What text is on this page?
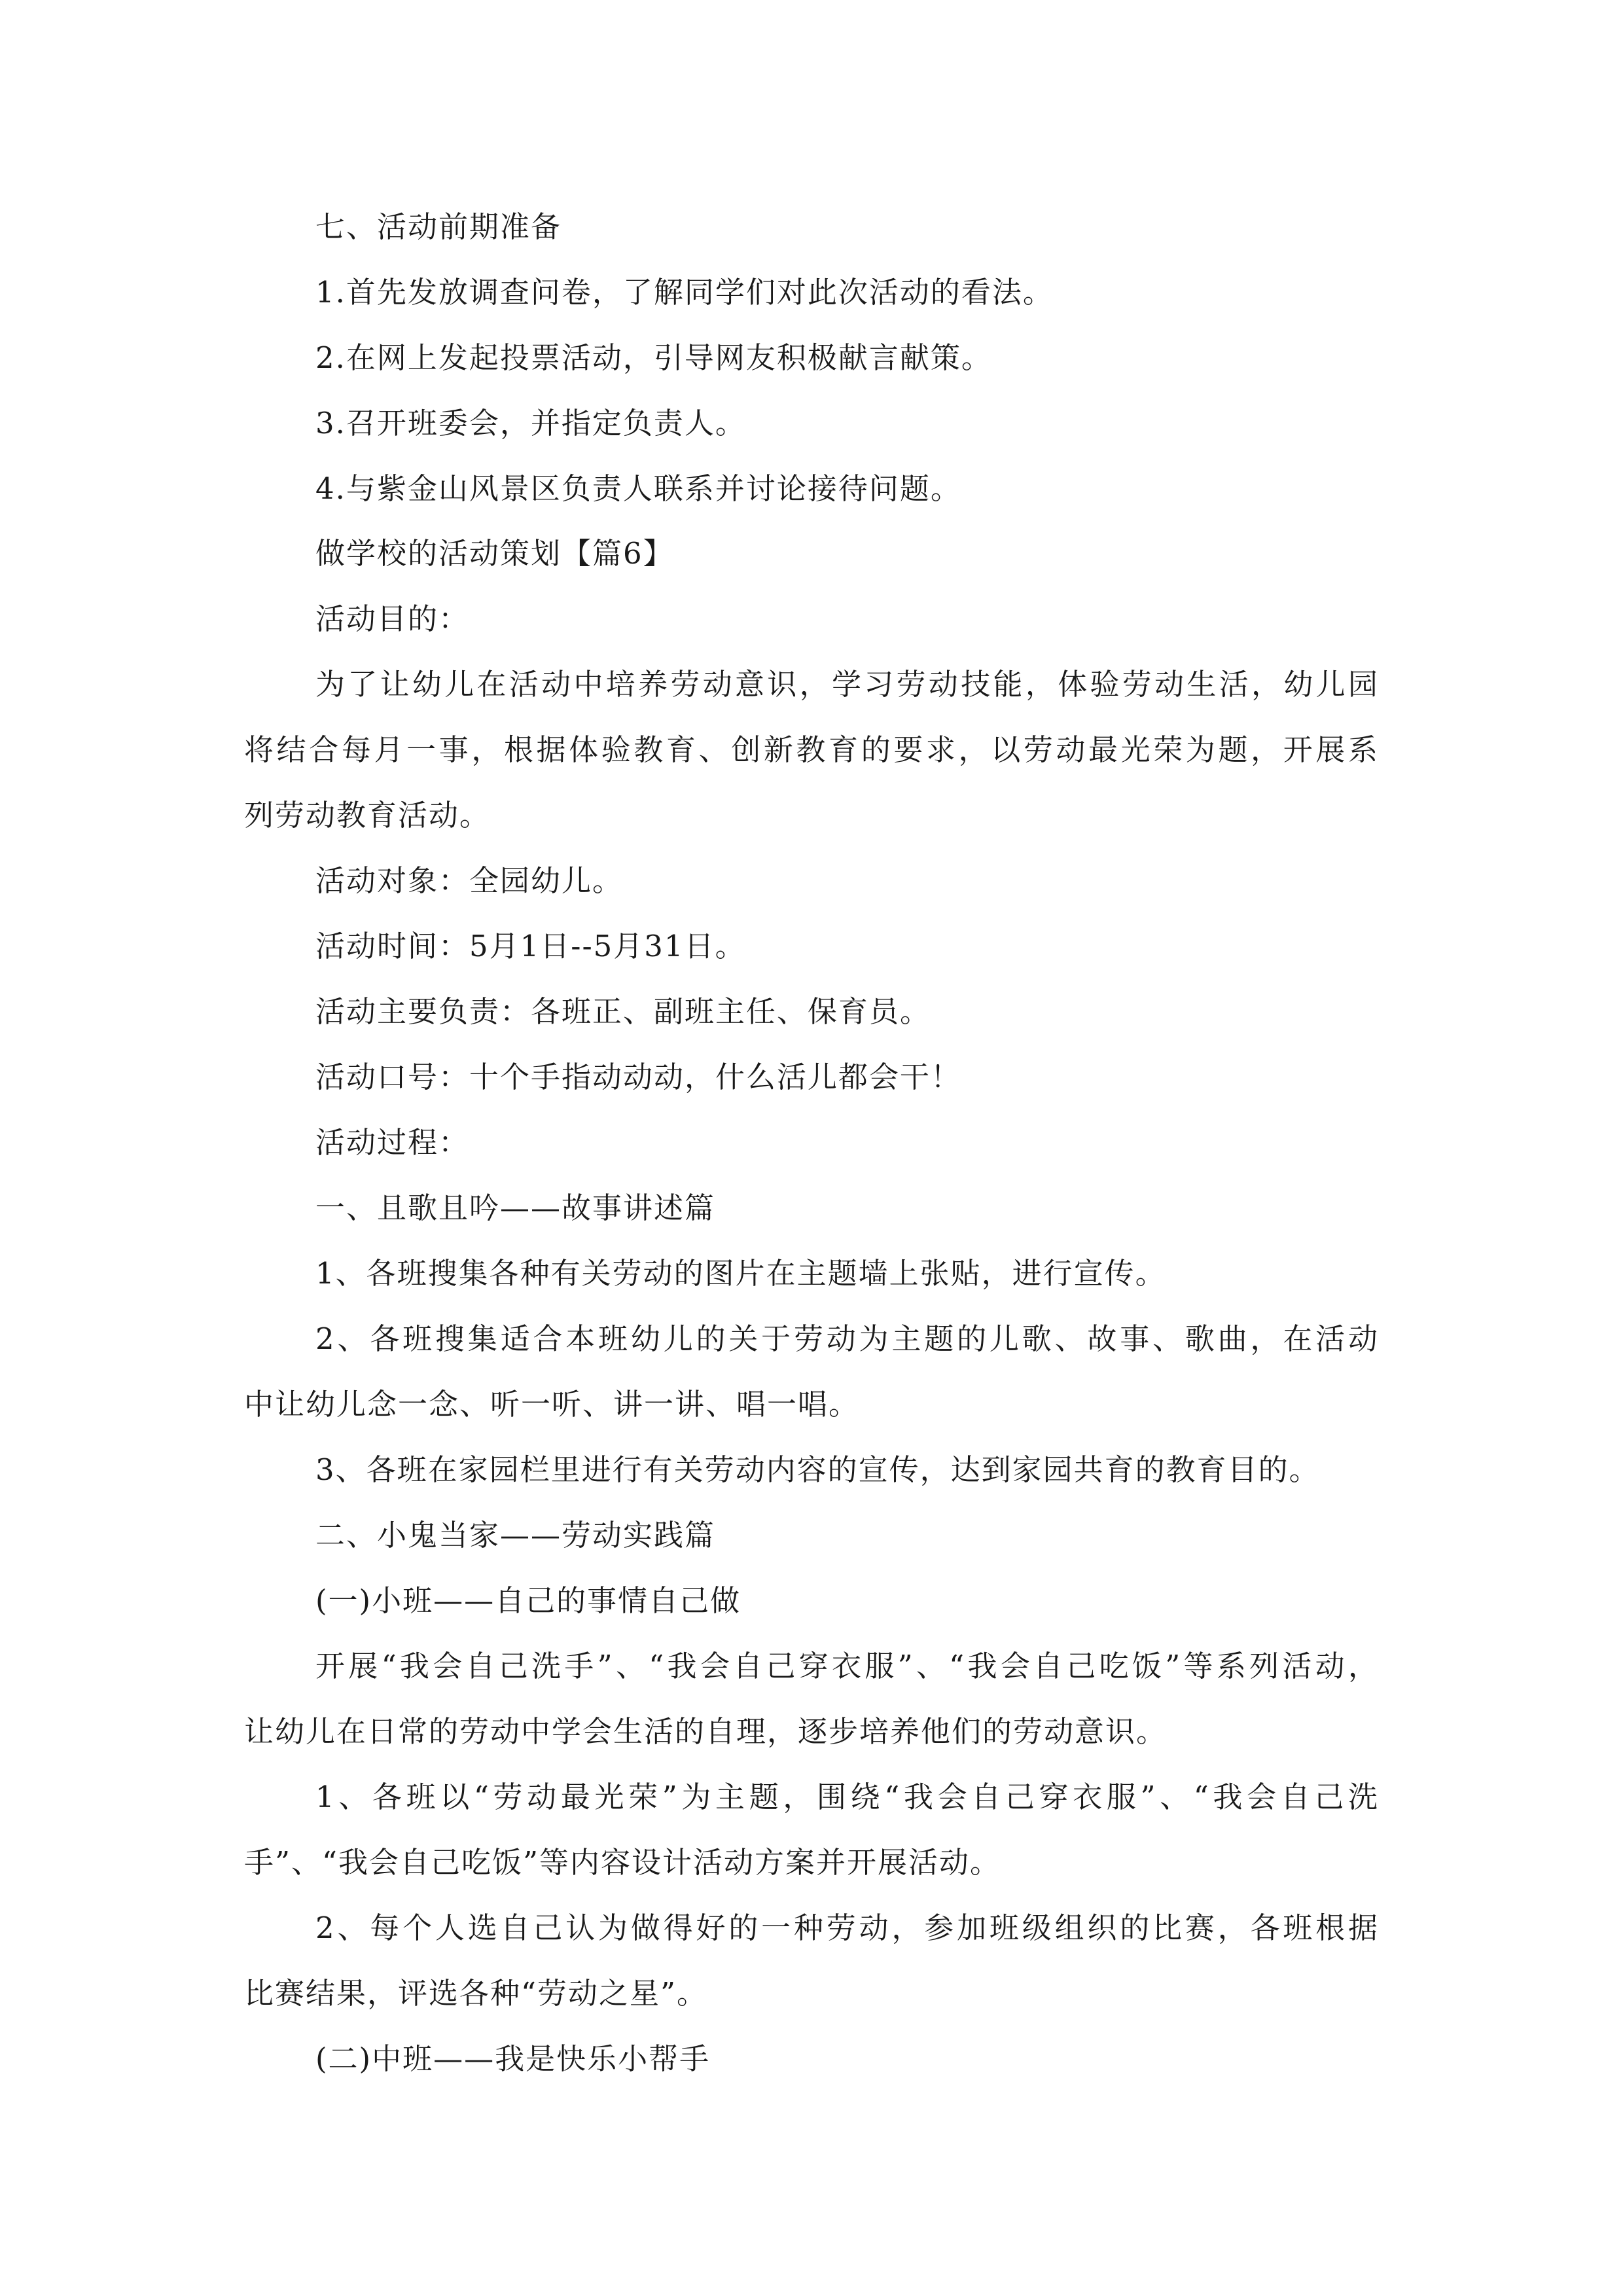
七、活动前期准备

1.首先发放调查问卷，了解同学们对此次活动的看法。

2.在网上发起投票活动，引导网友积极献言献策。

3.召开班委会，并指定负责人。

4.与紫金山风景区负责人联系并讨论接待问题。

做学校的活动策划【篇6】

活动目的：

为了让幼儿在活动中培养劳动意识，学习劳动技能，体验劳动生活，幼儿园

将结合每月一事，根据体验教育、创新教育的要求，以劳动最光荣为题，开展系

列劳动教育活动。

活动对象：全园幼儿。

活动时间：5月1日--5月31日。

活动主要负责：各班正、副班主任、保育员。

活动口号：十个手指动动动，什么活儿都会干！

活动过程：

一、且歌且吟——故事讲述篇

1、各班搜集各种有关劳动的图片在主题墙上张贴，进行宣传。

2、各班搜集适合本班幼儿的关于劳动为主题的儿歌、故事、歌曲，在活动

中让幼儿念一念、听一听、讲一讲、唱一唱。

3、各班在家园栏里进行有关劳动内容的宣传，达到家园共育的教育目的。

二、小鬼当家——劳动实践篇

(一)小班——自己的事情自己做

开展“我会自己洗手”、“我会自己穿衣服”、“我会自己吃饭”等系列活动，

让幼儿在日常的劳动中学会生活的自理，逐步培养他们的劳动意识。

1、各班以“劳动最光荣”为主题，围绕“我会自己穿衣服”、“我会自己洗

手”、“我会自己吃饭”等内容设计活动方案并开展活动。

2、每个人选自己认为做得好的一种劳动，参加班级组织的比赛，各班根据

比赛结果，评选各种“劳动之星”。

(二)中班——我是快乐小帮手
